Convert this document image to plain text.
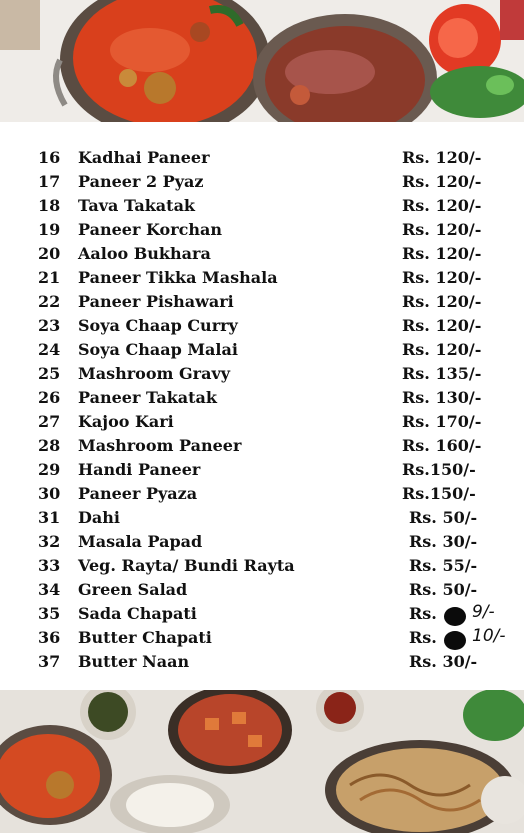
16	Kadhai Paneer	Rs. 120/-
17	Paneer 2 Pyaz	Rs. 120/-
18	Tava Takatak	Rs. 120/-
19	Paneer Korchan	Rs. 120/-
20	Aaloo Bukhara	Rs. 120/-
21	Paneer Tikka Mashala	Rs. 120/-
22	Paneer Pishawari	Rs. 120/-
23	Soya Chaap Curry	Rs. 120/-
24	Soya Chaap Malai	Rs. 120/-
25	Mashroom Gravy	Rs. 135/-
26	Paneer Takatak	Rs. 130/-
27	Kajoo Kari	Rs. 170/-
28	Mashroom Paneer	Rs. 160/-
29	Handi Paneer	Rs.150/-
30	Paneer Pyaza	Rs.150/-
31	Dahi	Rs. 50/-
32	Masala Papad	Rs. 30/-
33	Veg. Rayta/ Bundi Rayta	Rs. 55/-
34	Green Salad	Rs. 50/-
35	Sada Chapati	Rs. 9/-
36	Butter Chapati	Rs. 10/-
37	Butter Naan	Rs. 30/-
